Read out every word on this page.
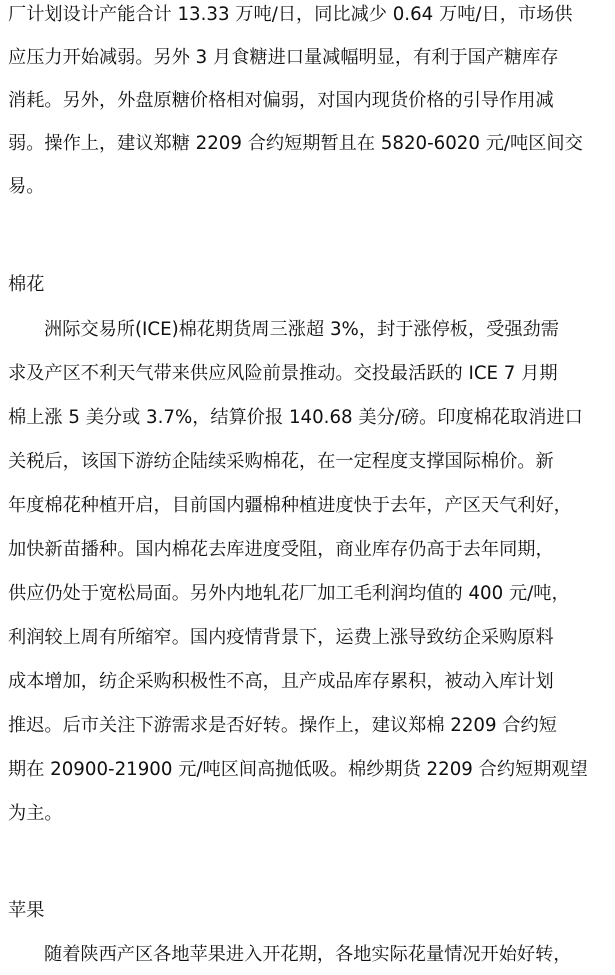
厂计划设计产能合计 13.33 万吨/日，同比减少 0.64 万吨/日，市场供
应压力开始减弱。另外 3 月食糖进口量减幅明显，有利于国产糖库存
消耗。另外，外盘原糖价格相对偏弱，对国内现货价格的引导作用减
弱。操作上，建议郑糖 2209 合约短期暂且在 5820-6020 元/吨区间交
易。
棉花
洲际交易所(ICE)棉花期货周三涨超 3%，封于涨停板，受强劲需
求及产区不利天气带来供应风险前景推动。交投最活跃的 ICE 7 月期
棉上涨 5 美分或 3.7%，结算价报 140.68 美分/磅。印度棉花取消进口
关税后，该国下游纺企陆续采购棉花，在一定程度支撑国际棉价。新
年度棉花种植开启，目前国内疆棉种植进度快于去年，产区天气利好，
加快新苗播种。国内棉花去库进度受阻，商业库存仍高于去年同期，
供应仍处于宽松局面。另外内地轧花厂加工毛利润均值的 400 元/吨，
利润较上周有所缩窄。国内疫情背景下，运费上涨导致纺企采购原料
成本增加，纺企采购积极性不高，且产成品库存累积，被动入库计划
推迟。后市关注下游需求是否好转。操作上，建议郑棉 2209 合约短
期在 20900-21900 元/吨区间高抛低吸。棉纱期货 2209 合约短期观望
为主。
苹果
随着陕西产区各地苹果进入开花期，各地实际花量情况开始好转，
